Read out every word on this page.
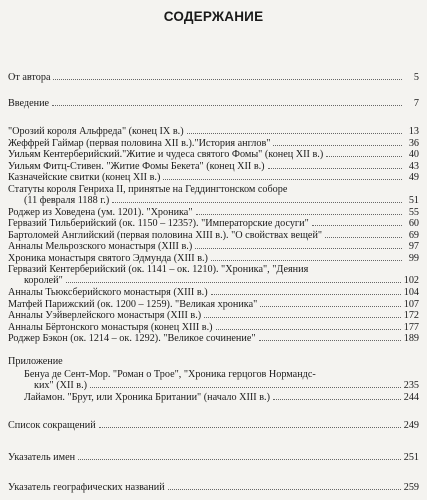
СОДЕРЖАНИЕ
От автора	5
Введение	7
"Орозий короля Альфреда" (конец IX в.)	13
Жеффрей Гаймар (первая половина XII в.)."История англов"	36
Уильям Кентерберийский."Житие и чудеса святого Фомы" (конец XII в.)	40
Уильям Фитц-Стивен. "Житие Фомы Бекета" (конец XII в.)	43
Казначейские свитки (конец XII в.)	49
Статуты короля Генриха II, принятые на Геддингтонском соборе
(11 февраля 1188 г.)	51
Роджер из Ховедена (ум. 1201). "Хроника"	55
Гервазий Тильберийский (ок. 1150 – 1235?). "Императорские досуги"	60
Бартоломей Английский (первая половина XIII в.). "О свойствах вещей"	69
Анналы Мельрозского монастыря (XIII в.)	97
Хроника монастыря святого Эдмунда (XIII в.)	99
Гервазий Кентерберийский (ок. 1141 – ок. 1210). "Хроника", "Деяния
королей"	102
Анналы Тьюксберийского монастыря (XIII в.)	104
Матфей Парижский (ок. 1200 – 1259). "Великая хроника"	107
Анналы Уэйверлейского монастыря (XIII в.)	172
Анналы Бёртонского монастыря (конец XIII в.)	177
Роджер Бэкон (ок. 1214 – ок. 1292). "Великое сочинение"	189
Приложение
Бенуа де Сент-Мор. "Роман о Трое", "Хроника герцогов Нормандс-
ких" (XII в.)	235
Лайамон. "Брут, или Хроника Британии" (начало XIII в.)	244
Список сокращений	249
Указатель имен	251
Указатель географических названий	259
